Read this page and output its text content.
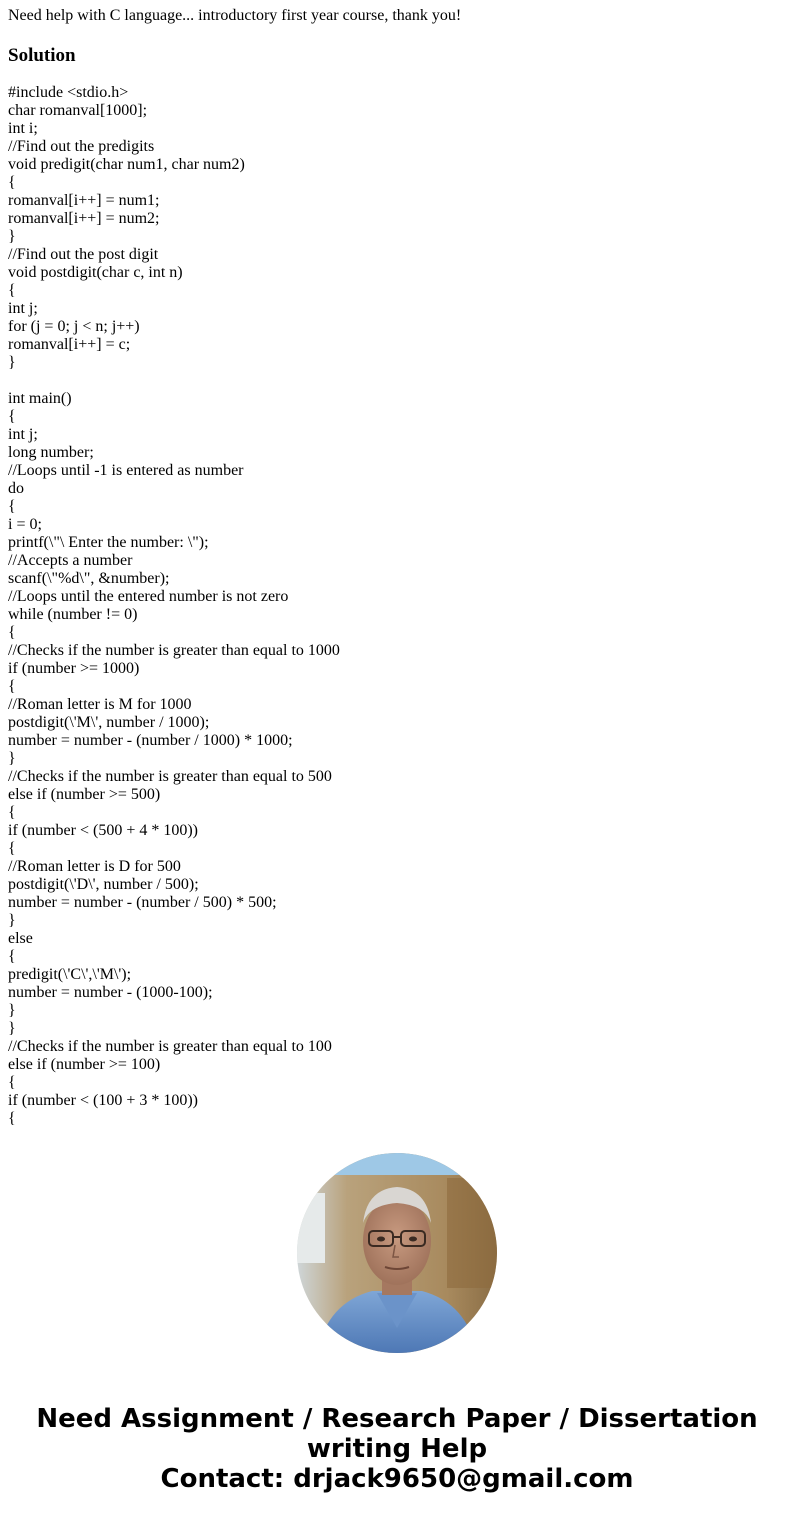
Need help with C language... introductory first year course, thank you!
Solution
#include <stdio.h>
char romanval[1000];
int i;
//Find out the predigits
void predigit(char num1, char num2)
{
romanval[i++] = num1;
romanval[i++] = num2;
}
//Find out the post digit
void postdigit(char c, int n)
{
int j;
for (j = 0; j < n; j++)
romanval[i++] = c;
}
int main()
{
int j;
long number;
//Loops until -1 is entered as number
do
{
i = 0;
printf(\"\ Enter the number: \");
//Accepts a number
scanf(\"%d\", &number);
//Loops until the entered number is not zero
while (number != 0)
{
//Checks if the number is greater than equal to 1000
if (number >= 1000)
{
//Roman letter is M for 1000
postdigit(\'M\', number / 1000);
number = number - (number / 1000) * 1000;
}
//Checks if the number is greater than equal to 500
else if (number >= 500)
{
if (number < (500 + 4 * 100))
{
//Roman letter is D for 500
postdigit(\'D\', number / 500);
number = number - (number / 500) * 500;
}
else
{
predigit(\'C\',\'M\');
number = number - (1000-100);
}
}
//Checks if the number is greater than equal to 100
else if (number >= 100)
{
if (number < (100 + 3 * 100))
{
Need Assignment / Research Paper / Dissertation
writing Help
Contact: drjack9650@gmail.com
